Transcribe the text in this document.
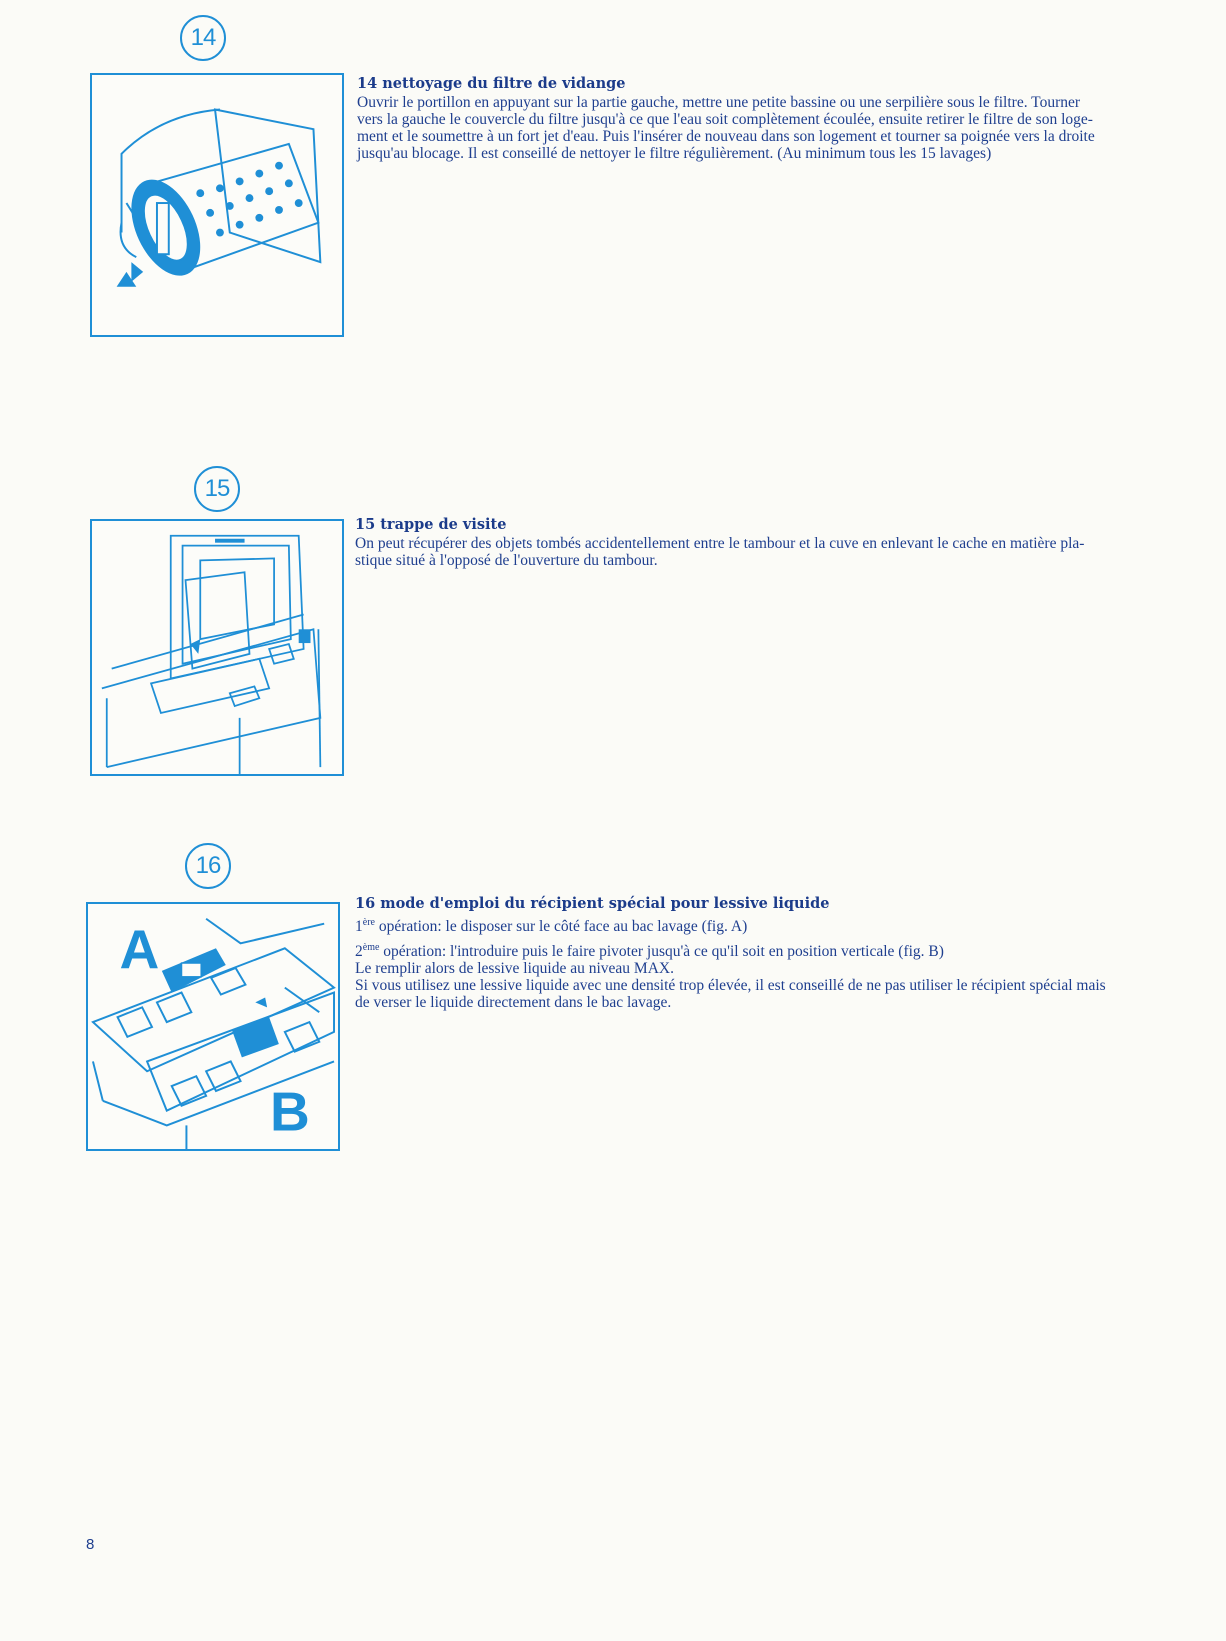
14
14 nettoyage du filtre de vidange

Ouvrir le portillon en appuyant sur la partie gauche, mettre une petite bassine ou une serpilière sous le filtre. Tourner

vers la gauche le couvercle du filtre jusqu'à ce que l'eau soit complètement écoulée, ensuite retirer le filtre de son loge-

ment et le soumettre à un fort jet d'eau. Puis l'insérer de nouveau dans son logement et tourner sa poignée vers la droite

jusqu'au blocage. Il est conseillé de nettoyer le filtre régulièrement. (Au minimum tous les 15 lavages)

15
15 trappe de visite

On peut récupérer des objets tombés accidentellement entre le tambour et la cuve en enlevant le cache en matière pla-

stique situé à l'opposé de l'ouverture du tambour.

16
A
B
16 mode d'emploi du récipient spécial pour lessive liquide

1ère opération: le disposer sur le côté face au bac lavage (fig. A)

2ème opération: l'introduire puis le faire pivoter jusqu'à ce qu'il soit en position verticale (fig. B)

Le remplir alors de lessive liquide au niveau MAX.

Si vous utilisez une lessive liquide avec une densité trop élevée, il est conseillé de ne pas utiliser le récipient spécial mais

de verser le liquide directement dans le bac lavage.

8
